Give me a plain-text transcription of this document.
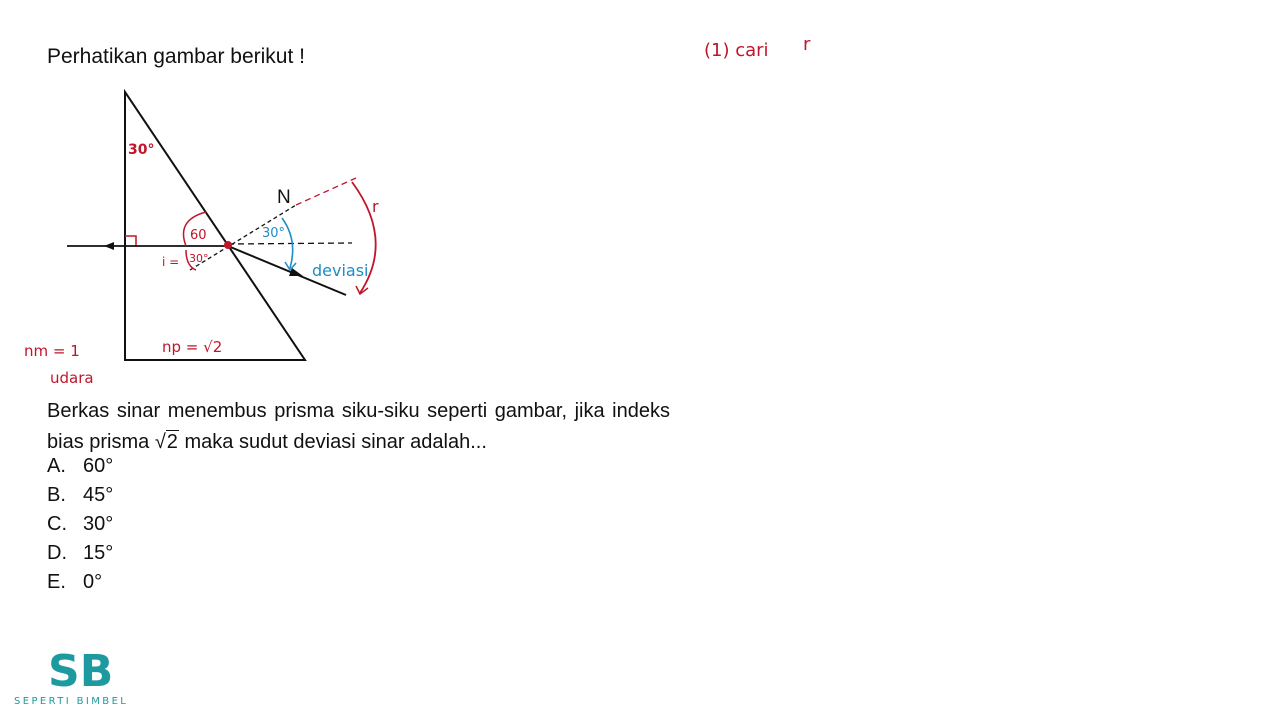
Perhatikan gambar berikut !
30°
N
60
i = 30°
30°
deviasi
r
nm = 1
udara
np = √2
Berkas sinar menembus prisma siku-siku seperti gambar, jika indeks bias prisma √2 maka sudut deviasi sinar adalah...
A. 60°
B. 45°
C. 30°
D. 15°
E. 0°
(1) cari r
SB
SEPERTI BIMBEL
